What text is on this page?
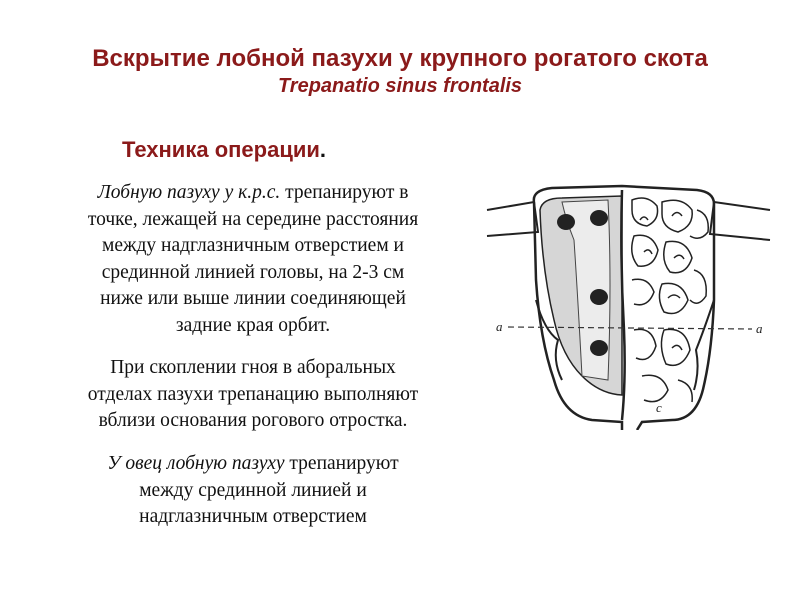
Вскрытие лобной пазухи у крупного рогатого скота
Trepanatio sinus frontalis
Техника операции.
Лобную пазуху у к.р.с. трепанируют в
точке, лежащей на середине расстояния
между надглазничным отверстием и
срединной линией головы, на 2-3 см
ниже или выше линии соединяющей
задние края орбит.
При скоплении гноя в аборальных
отделах пазухи трепанацию выполняют
вблизи основания рогового отростка.
У овец лобную пазуху трепанируют
между срединной линией и
надглазничным отверстием
a	a
c
